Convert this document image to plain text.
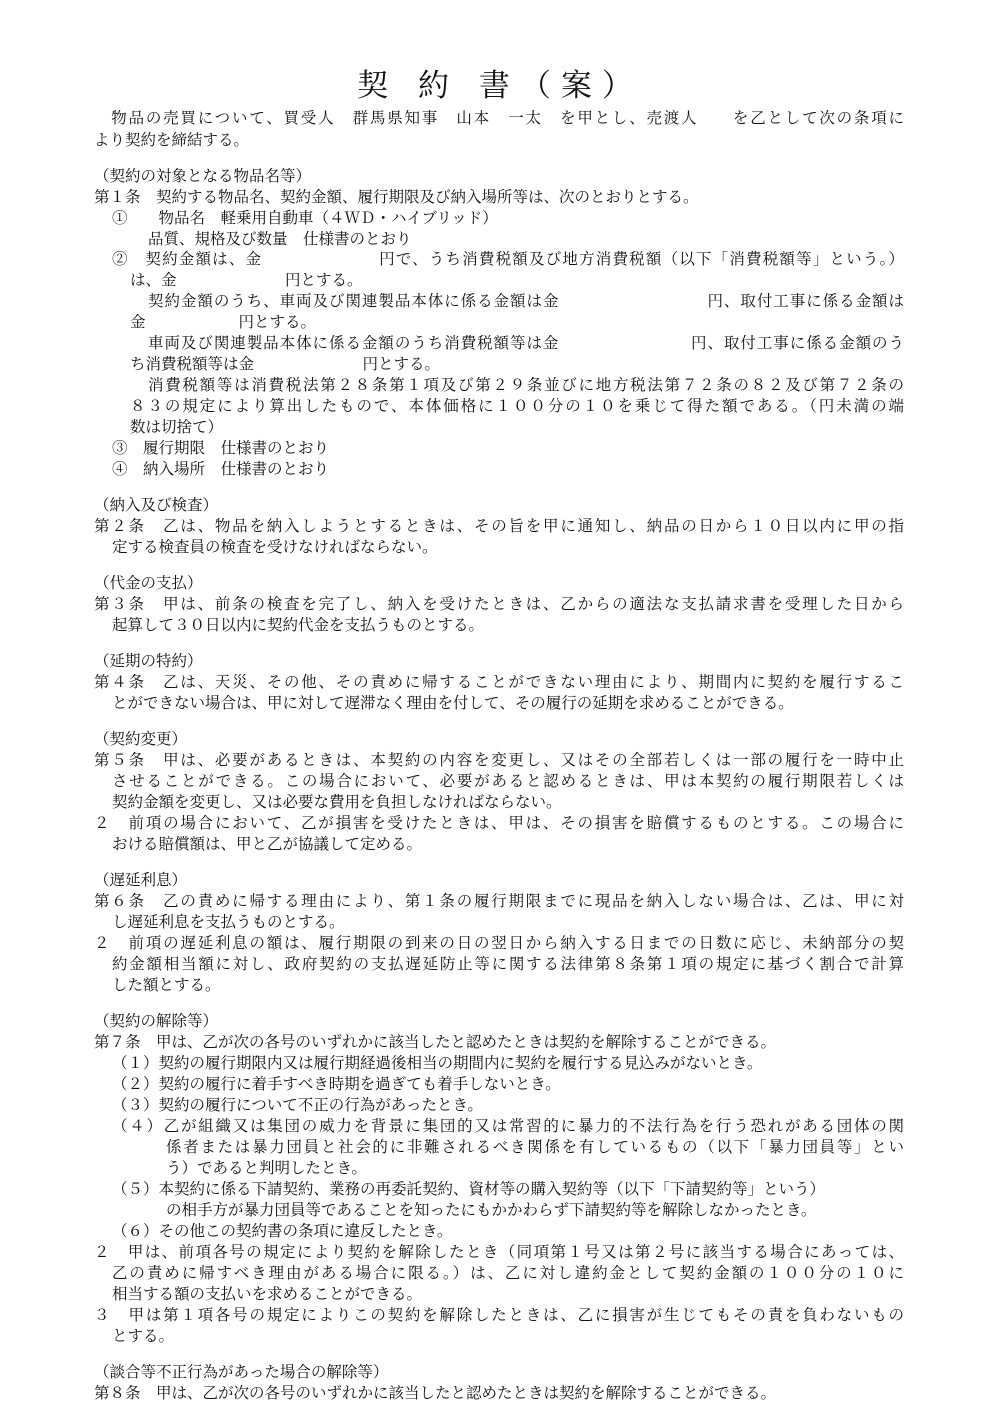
契 約 書（案）
　物品の売買について、買受人　群馬県知事　山本　一太　を甲とし、売渡人　　を乙として次の条項に
より契約を締結する。
（契約の対象となる物品名等）
第１条　契約する物品名、契約金額、履行期限及び納入場所等は、次のとおりとする。
①　　物品名　軽乗用自動車（４ＷＤ・ハイブリッド）
品質、規格及び数量　仕様書のとおり
②　契約金額は、金　　　　　　　円で、うち消費税額及び地方消費税額（以下「消費税額等」という。）
は、金　　　　　　　円とする。
契約金額のうち、車両及び関連製品本体に係る金額は金　　　　　　　　　円、取付工事に係る金額は
金　　　　　　円とする。
車両及び関連製品本体に係る金額のうち消費税額等は金　　　　　　　　円、取付工事に係る金額のう
ち消費税額等は金　　　　　　　円とする。
消費税額等は消費税法第２８条第１項及び第２９条並びに地方税法第７２条の８２及び第７２条の
８３の規定により算出したもので、本体価格に１００分の１０を乗じて得た額である。（円未満の端
数は切捨て）
③　履行期限　仕様書のとおり
④　納入場所　仕様書のとおり
（納入及び検査）
第２条　乙は、物品を納入しようとするときは、その旨を甲に通知し、納品の日から１０日以内に甲の指
定する検査員の検査を受けなければならない。
（代金の支払）
第３条　甲は、前条の検査を完了し、納入を受けたときは、乙からの適法な支払請求書を受理した日から
起算して３０日以内に契約代金を支払うものとする。
（延期の特約）
第４条　乙は、天災、その他、その責めに帰することができない理由により、期間内に契約を履行するこ
とができない場合は、甲に対して遅滞なく理由を付して、その履行の延期を求めることができる。
（契約変更）
第５条　甲は、必要があるときは、本契約の内容を変更し、又はその全部若しくは一部の履行を一時中止
させることができる。この場合において、必要があると認めるときは、甲は本契約の履行期限若しくは
契約金額を変更し、又は必要な費用を負担しなければならない。
２　前項の場合において、乙が損害を受けたときは、甲は、その損害を賠償するものとする。この場合に
おける賠償額は、甲と乙が協議して定める。
（遅延利息）
第６条　乙の責めに帰する理由により、第１条の履行期限までに現品を納入しない場合は、乙は、甲に対
し遅延利息を支払うものとする。
２　前項の遅延利息の額は、履行期限の到来の日の翌日から納入する日までの日数に応じ、未納部分の契
約金額相当額に対し、政府契約の支払遅延防止等に関する法律第８条第１項の規定に基づく割合で計算
した額とする。
（契約の解除等）
第７条　甲は、乙が次の各号のいずれかに該当したと認めたときは契約を解除することができる。
（１）契約の履行期限内又は履行期経過後相当の期間内に契約を履行する見込みがないとき。
（２）契約の履行に着手すべき時期を過ぎても着手しないとき。
（３）契約の履行について不正の行為があったとき。
（４）乙が組織又は集団の威力を背景に集団的又は常習的に暴力的不法行為を行う恐れがある団体の関
係者または暴力団員と社会的に非難されるべき関係を有しているもの（以下「暴力団員等」とい
う）であると判明したとき。
（５）本契約に係る下請契約、業務の再委託契約、資材等の購入契約等（以下「下請契約等」という）
の相手方が暴力団員等であることを知ったにもかかわらず下請契約等を解除しなかったとき。
（６）その他この契約書の条項に違反したとき。
２　甲は、前項各号の規定により契約を解除したとき（同項第１号又は第２号に該当する場合にあっては、
乙の責めに帰すべき理由がある場合に限る。）は、乙に対し違約金として契約金額の１００分の１０に
相当する額の支払いを求めることができる。
３　甲は第１項各号の規定によりこの契約を解除したときは、乙に損害が生じてもその責を負わないもの
とする。
（談合等不正行為があった場合の解除等）
第８条　甲は、乙が次の各号のいずれかに該当したと認めたときは契約を解除することができる。
